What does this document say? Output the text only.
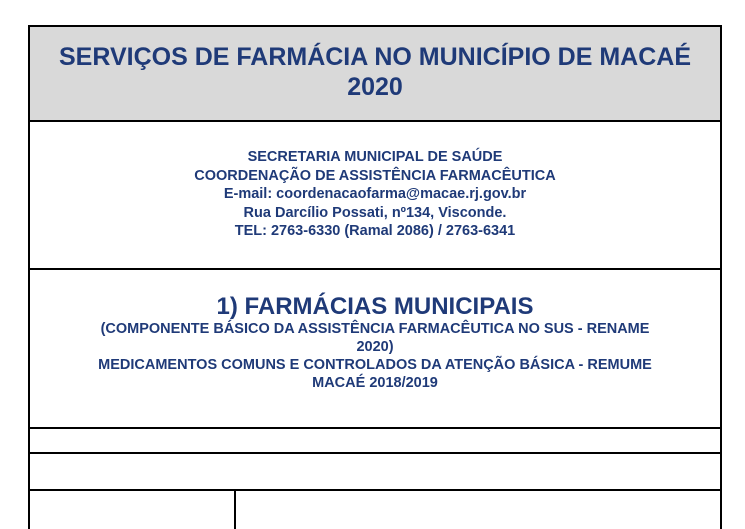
SERVIÇOS DE FARMÁCIA NO MUNICÍPIO DE MACAÉ
2020
SECRETARIA MUNICIPAL DE SAÚDE
COORDENAÇÃO DE ASSISTÊNCIA FARMACÊUTICA
E-mail: coordenacaofarma@macae.rj.gov.br
Rua Darcílio Possati, nº134, Visconde.
TEL: 2763-6330 (Ramal 2086) / 2763-6341
1) FARMÁCIAS MUNICIPAIS
(COMPONENTE BÁSICO DA ASSISTÊNCIA FARMACÊUTICA NO SUS - RENAME
2020)
MEDICAMENTOS COMUNS E CONTROLADOS DA ATENÇÃO BÁSICA - REMUME
MACAÉ 2018/2019
